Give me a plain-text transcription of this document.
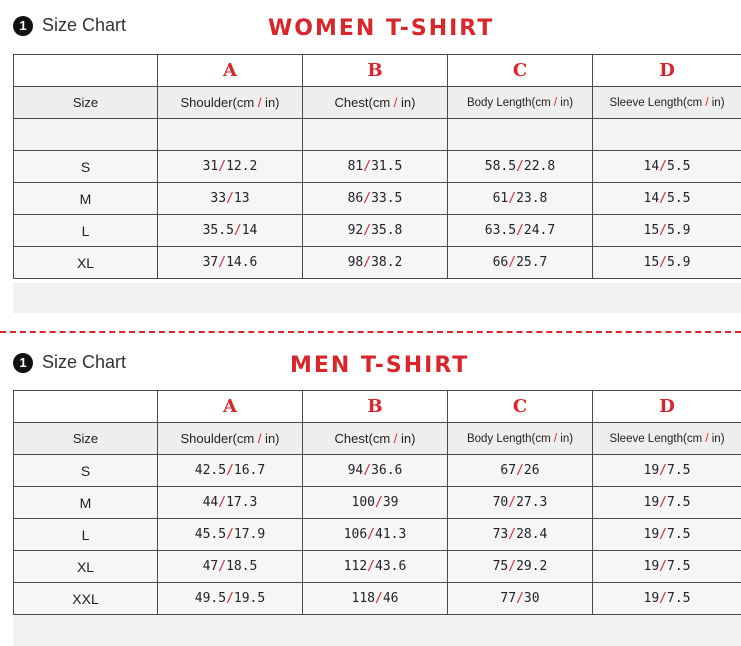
1 Size Chart	WOMEN T-SHIRT
	A	B	C	D
Size	Shoulder(cm / in)	Chest(cm / in)	Body Length(cm / in)	Sleeve Length(cm / in)

S	31/12.2	81/31.5	58.5/22.8	14/5.5
M	33/13	86/33.5	61/23.8	14/5.5
L	35.5/14	92/35.8	63.5/24.7	15/5.9
XL	37/14.6	98/38.2	66/25.7	15/5.9
1 Size Chart	MEN T-SHIRT
	A	B	C	D
Size	Shoulder(cm / in)	Chest(cm / in)	Body Length(cm / in)	Sleeve Length(cm / in)
S	42.5/16.7	94/36.6	67/26	19/7.5
M	44/17.3	100/39	70/27.3	19/7.5
L	45.5/17.9	106/41.3	73/28.4	19/7.5
XL	47/18.5	112/43.6	75/29.2	19/7.5
XXL	49.5/19.5	118/46	77/30	19/7.5
